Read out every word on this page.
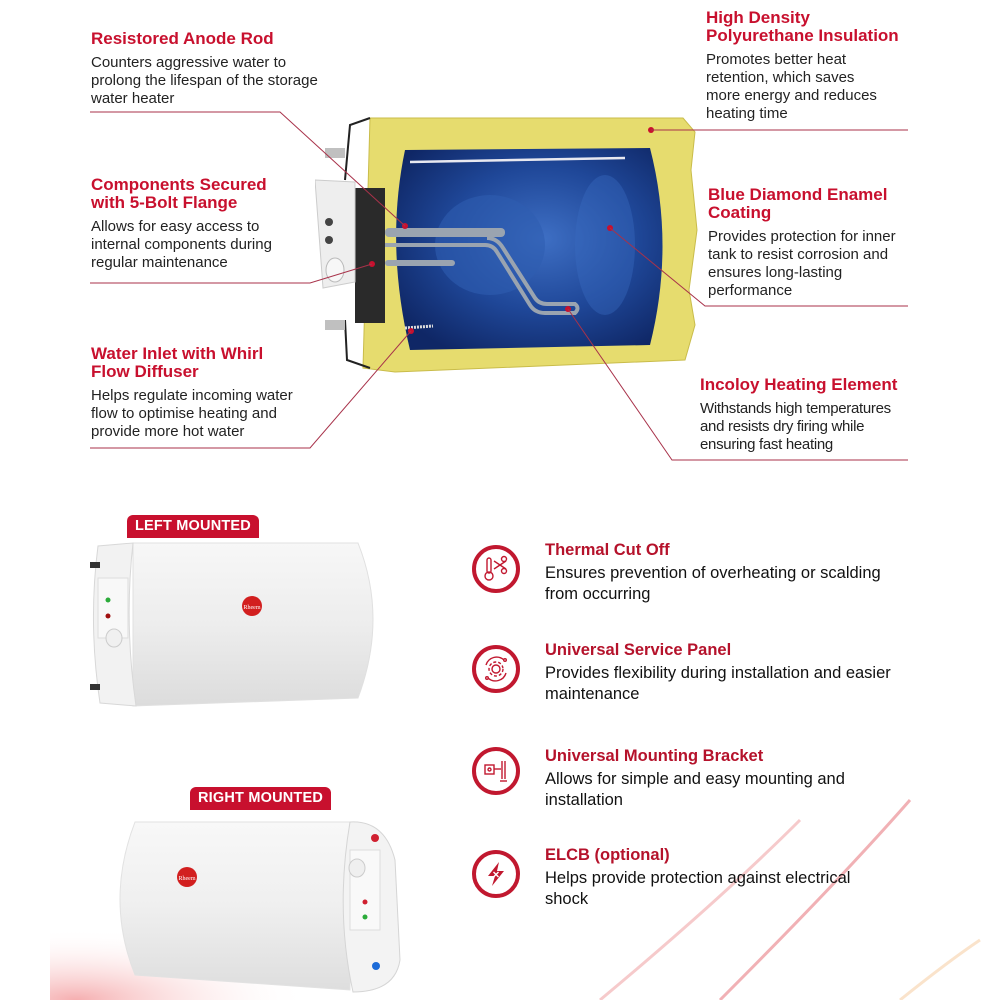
Resistored Anode Rod
Counters aggressive water to
prolong the lifespan of the storage
water heater
Components Secured
with 5-Bolt Flange
Allows for easy access to
internal components during
regular maintenance
Water Inlet with Whirl
Flow Diffuser
Helps regulate incoming water
flow to optimise heating and
provide more hot water
High Density
Polyurethane Insulation
Promotes better heat
retention, which saves
more energy and reduces
heating time
Blue Diamond Enamel
Coating
Provides protection for inner
tank to resist corrosion and
ensures long-lasting
performance
Incoloy Heating Element
Withstands high temperatures
and resists dry firing while
ensuring fast heating
LEFT MOUNTED
Rheem
RIGHT MOUNTED
Rheem
Thermal Cut Off
Ensures prevention of overheating or scalding
from occurring
Universal Service Panel
Provides flexibility during installation and easier
maintenance
Universal Mounting Bracket
Allows for simple and easy mounting and
installation
ELCB (optional)
Helps provide protection against electrical
shock
